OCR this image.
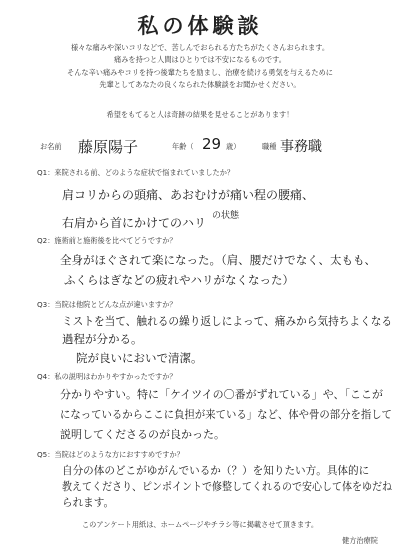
私の体験談
様々な痛みや深いコリなどで、苦しんでおられる方たちがたくさんおられます。
痛みを持つと人間はひとりでは不安になるものです。
そんな辛い痛みやコリを持つ後輩たちを励まし、治療を続ける勇気を与えるために
先輩としてあなたの良くなられた体験談をお聞かせください。
希望をもてると人は奇跡の結果を見せることがあります！
お名前 藤原陽子	年齢（ 29 歳）	職種 事務職
Q1：来院される前、どのような症状で悩まれていましたか？
肩コリからの頭痛、あおむけが痛い程の腰痛、
右肩から首にかけてのハリ の状態
Q2：施術前と施術後を比べてどうですか？
全身がほぐされて楽になった。（肩、腰だけでなく、太もも、
ふくらはぎなどの疲れやハリがなくなった）
Q3：当院は他院とどんな点が違いますか？
ミストを当て、触れるの繰り返しによって、痛みから気持ちよくなる
過程が分かる。
院が良いにおいで清潔。
Q4：私の説明はわかりやすかったですか？
分かりやすい。特に「ケイツイの〇番がずれている」や、「ここが
になっているからここに負担が来ている」など、体や骨の部分を指して
説明してくださるのが良かった。
Q5：当院はどのような方におすすめですか？
自分の体のどこがゆがんでいるか（？）を知りたい方。具体的に
教えてくださり、ピンポイントで修整してくれるので安心して体をゆだね
られます。
このアンケート用紙は、ホームページやチラシ等に掲載させて頂きます。
健方治療院
